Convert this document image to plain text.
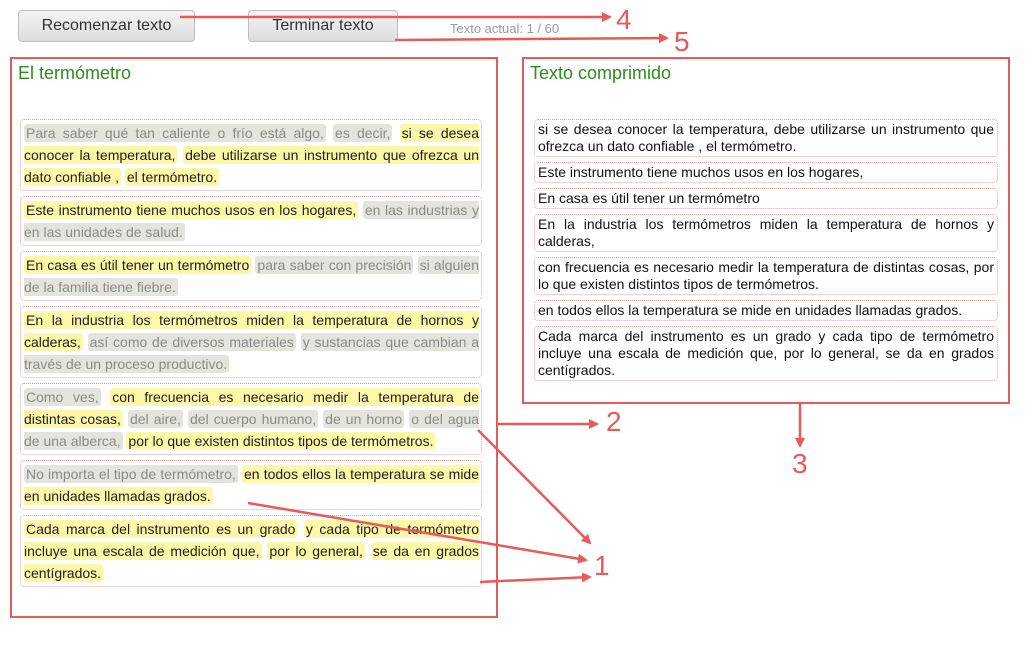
Recomenzar texto	Terminar texto	Texto actual: 1 / 60
El termómetro
Para saber qué tan caliente o frío está algo, es decir, si se desea conocer la temperatura, debe utilizarse un instrumento que ofrezca un dato confiable , el termómetro.
Este instrumento tiene muchos usos en los hogares, en las industrias y en las unidades de salud.
En casa es útil tener un termómetro para saber con precisión si alguien de la familia tiene fiebre.
En la industria los termómetros miden la temperatura de hornos y calderas, así como de diversos materiales y sustancias que cambian a través de un proceso productivo.
Como ves, con frecuencia es necesario medir la temperatura de distintas cosas, del aire, del cuerpo humano, de un horno o del agua de una alberca, por lo que existen distintos tipos de termómetros.
No importa el tipo de termómetro, en todos ellos la temperatura se mide en unidades llamadas grados.
Cada marca del instrumento es un grado y cada tipo de termómetro incluye una escala de medición que, por lo general, se da en grados centígrados.
Texto comprimido
si se desea conocer la temperatura, debe utilizarse un instrumento que ofrezca un dato confiable , el termómetro.
Este instrumento tiene muchos usos en los hogares,
En casa es útil tener un termómetro
En la industria los termómetros miden la temperatura de hornos y calderas,
con frecuencia es necesario medir la temperatura de distintas cosas, por lo que existen distintos tipos de termómetros.
en todos ellos la temperatura se mide en unidades llamadas grados.
Cada marca del instrumento es un grado y cada tipo de termómetro incluye una escala de medición que, por lo general, se da en grados centígrados.
4
5
2
3
1
